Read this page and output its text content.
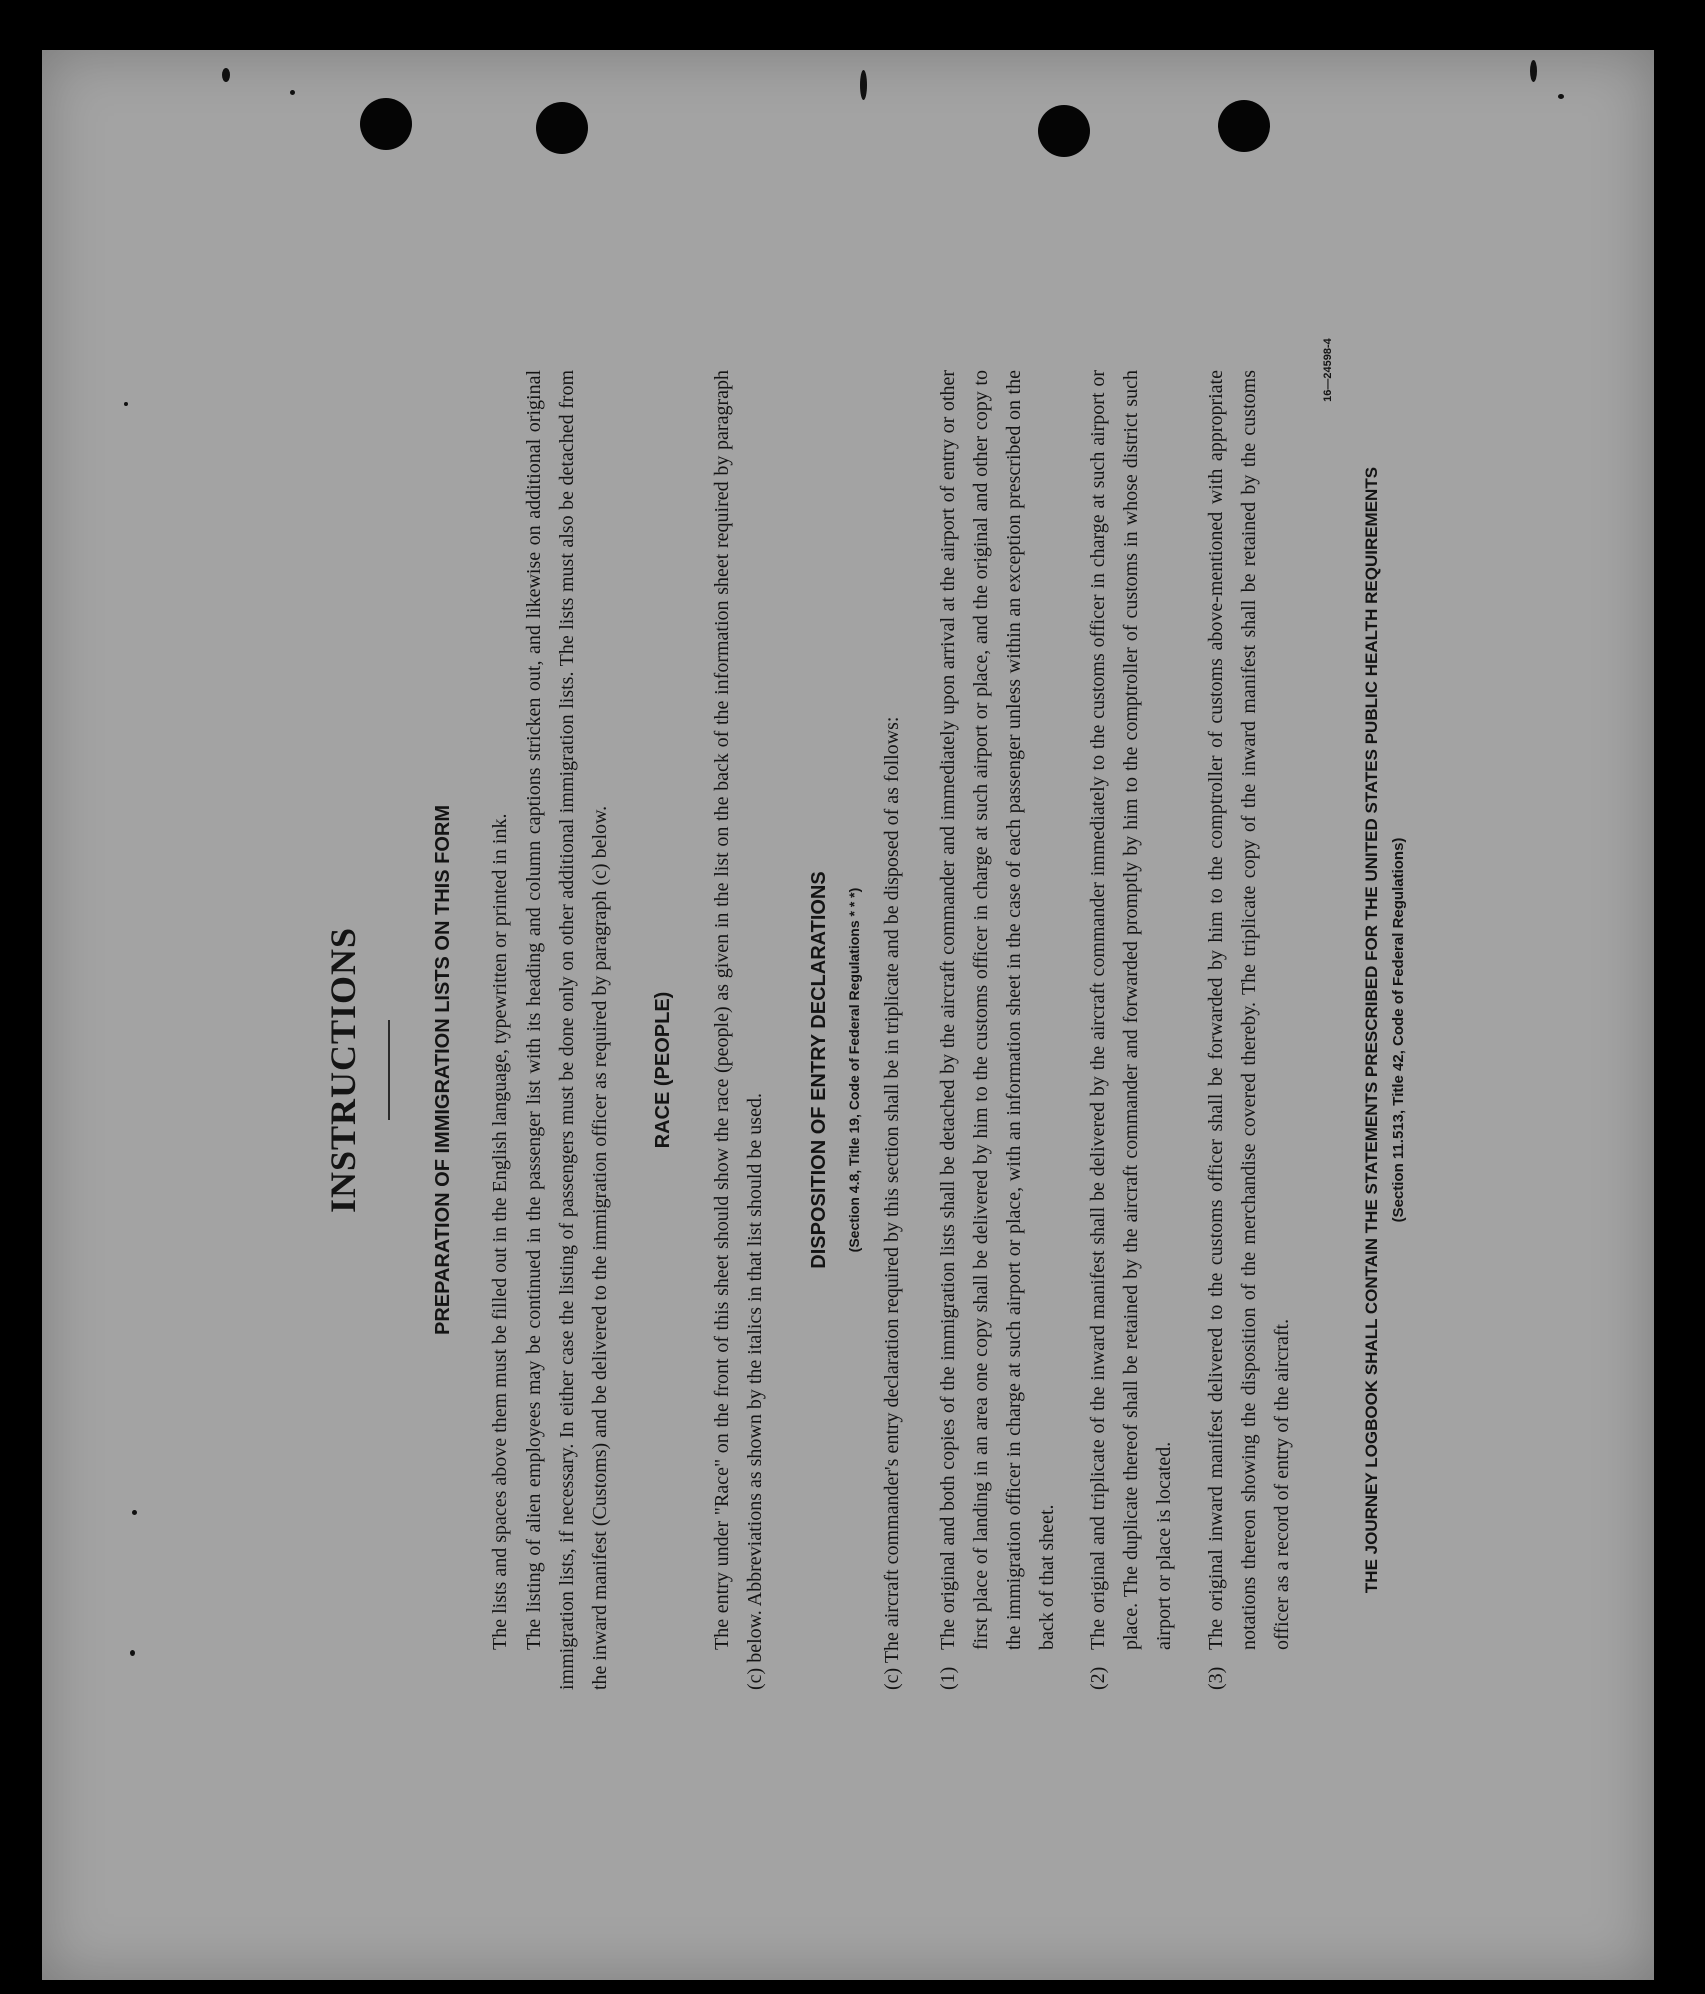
INSTRUCTIONS	PREPARATION OF IMMIGRATION LISTS ON THIS FORM The lists and spaces above them must be filled out in the English language, typewritten or printed in ink. The listing of alien employees may be continued in the passenger list with its heading and column captions stricken out, and likewise on additional original immigration lists, if necessary. In either case the listing of passengers must be done only on other additional immigration lists. The lists must also be detached from the inward manifest (Customs) and be delivered to the immigration officer as required by paragraph (c) below.	RACE (PEOPLE) The entry under "Race" on the front of this sheet should show the race (people) as given in the list on the back of the information sheet required by paragraph (c) below. Abbreviations as shown by the italics in that list should be used.
DISPOSITION OF ENTRY DECLARATIONS (Section 4.8, Title 19, Code of Federal Regulations * * *) (c) The aircraft commander's entry declaration required by this section shall be in triplicate and be disposed of as follows:	(1)
The original and both copies of the immigration lists shall be detached by the aircraft commander and immediately upon arrival at the airport of entry or other first place of landing in an area one copy shall be delivered by him to the customs officer in charge at such airport or place, and the original and other copy to the immigration officer in charge at such airport or place, with an information sheet in the case of each passenger unless within an exception prescribed on the back of that sheet.
(2)
The original and triplicate of the inward manifest shall be delivered by the aircraft commander immediately to the customs officer in charge at such airport or place. The duplicate thereof shall be retained by the aircraft commander and forwarded promptly by him to the comptroller of customs in whose district such airport or place is located.
(3)
The original inward manifest delivered to the customs officer shall be forwarded by him to the comptroller of customs above-mentioned with appropriate notations thereon showing the disposition of the merchandise covered thereby. The triplicate copy of the inward manifest shall be retained by the customs officer as a record of entry of the aircraft.
16—24598-4
THE JOURNEY LOGBOOK SHALL CONTAIN THE STATEMENTS PRESCRIBED FOR THE UNITED STATES PUBLIC HEALTH REQUIREMENTS (Section 11.513, Title 42, Code of Federal Regulations)
